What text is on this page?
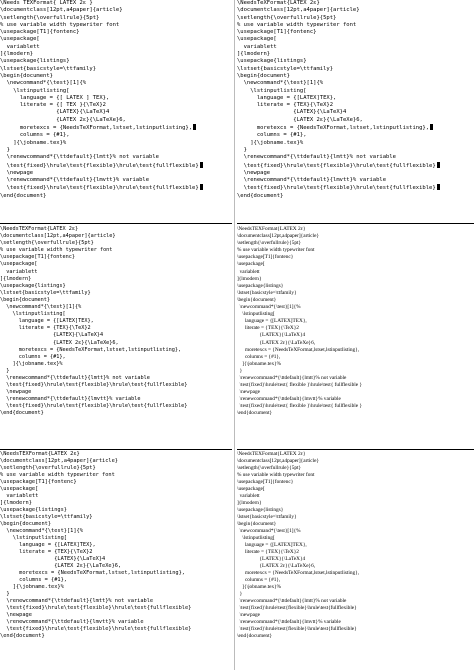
\Needs TEXFormat{ LATEX 2ε }
\documentclass[12pt,a4paper]{article}
\setlength{\overfullrule}{5pt}
% use variable width typewriter font
\usepackage[T1]{fontenc}
\usepackage[
variablett
]{lmodern}
\usepackage{listings}
\lstset{basicstyle=\ttfamily}
\begin{document}
\newcommand*{\test}[1]{%
\lstinputlisting[
language = {[ LATEX ] TEX},
literate = {[ TEX }{\TeX}2
{LATEX}{\LaTeX}4
{LATEX 2ε}{\LaTeXe}6,
moretexcs = {NeedsTeXFormat,lstset,lstinputlisting},
columns = {#1},
]{\jobname.tex}%
}
\renewcommand*{\ttdefault}{lmtt}% not variable
\test{fixed}\hrule\test{flexible}\hrule\test{fullflexible}
\newpage
\renewcommand*{\ttdefault}{lmvtt}% variable
\test{fixed}\hrule\test{flexible}\hrule\test{fullflexible}
\end{document}
\NeedsTeXFormat{LATEX 2ε}
\documentclass[12pt,a4paper]{article}
\setlength{\overfullrule}{5pt}
% use variable width typewriter font
\usepackage[T1]{fontenc}
\usepackage[
variablett
]{lmodern}
\usepackage{listings}
\lstset{basicstyle=\ttfamily}
\begin{document}
\newcommand*{\test}[1]{%
\lstinputlisting[
language = {[LATEX]TEX},
literate = {TEX}{\TeX}2
{LATEX}{\LaTeX}4
{LATEX 2ε}{\LaTeXe}6,
moretexcs = {NeedsTeXFormat,lstset,lstinputlisting},
columns = {#1},
]{\jobname.tex}%
}
\renewcommand*{\ttdefault}{lmtt}% not variable
\test{fixed}\hrule\test{flexible}\hrule\test{fullflexible}
\newpage
\renewcommand*{\ttdefault}{lmvtt}% variable
\test{fixed}\hrule\test{flexible}\hrule\test{fullflexible}
\end{document}
\NeedsTEXFormat{LATEX 2ε}
\documentclass[12pt,a4paper]{article}
\setlength{\overfullrule}{5pt}
% use variable width typewriter font
\usepackage[T1]{fontenc}
\usepackage[
variablett
]{lmodern}
\usepackage{listings}
\lstset{basicstyle=\ttfamily}
\begin{document}
\newcommand*{\test}[1]{%
\lstinputlisting[
language = {[LATEX]TEX},
literate = {TEX}{\TeX}2
{LATEX}{\LaTeX}4
{LATEX 2ε}{\LaTeXe}6,
moretexcs = {NeedsTeXFormat,lstset,lstinputlisting},
columns = {#1},
]{\jobname.tex}%
}
\renewcommand*{\ttdefault}{lmtt}% not variable
\test{fixed}\hrule\test{flexible}\hrule\test{fullflexible}
\newpage
\renewcommand*{\ttdefault}{lmvtt}% variable
\test{fixed}\hrule\test{flexible}\hrule\test{fullflexible}
\end{document}
\NeedsTEXFormat{LATEX 2ε}
\documentclass[12pt,a4paper]{article}
\setlength{\overfullrule}{5pt}
% use variable width typewriter font
\usepackage[T1]{fontenc}
\usepackage[
variablett
]{lmodern}
\usepackage{listings}
\lstset{basicstyle=\ttfamily}
\begin{document}
\newcommand*{\test}[1]{%
\lstinputlisting[
language = {[LATEX]TEX},
literate = {TEX}{\TeX}2
{LATEX}{\LaTeX}4
{LATEX 2ε}{\LaTeXe}6,
moretexcs = {NeedsTeXFormat,lstset,lstinputlisting},
columns = {#1},
]{\jobname.tex}%
}
\renewcommand*{\ttdefault}{lmtt}% not variable
\test{fixed}\hrule\test{ flexible }\hrule\test{ fullflexible }
\newpage
\renewcommand*{\ttdefault}{lmvtt}% variable
\test{fixed}\hrule\test{ flexible }\hrule\test{ fullflexible }
\end{document}
\NeedsTEXFormat{LATEX 2ε}
\documentclass[12pt,a4paper]{article}
\setlength{\overfullrule}{5pt}
% use variable width typewriter font
\usepackage[T1]{fontenc}
\usepackage[
variablett
]{lmodern}
\usepackage{listings}
\lstset{basicstyle=\ttfamily}
\begin{document}
\newcommand*{\test}[1]{%
\lstinputlisting[
language = {[LATEX]TEX},
literate = {TEX}{\TeX}2
{LATEX}{\LaTeX}4
{LATEX 2ε}{\LaTeXe}6,
moretexcs = {NeedsTeXFormat,lstset,lstinputlisting},
columns = {#1},
]{\jobname.tex}%
}
\renewcommand*{\ttdefault}{lmtt}% not variable
\test{fixed}\hrule\test{flexible}\hrule\test{fullflexible}
\newpage
\renewcommand*{\ttdefault}{lmvtt}% variable
\test{fixed}\hrule\test{flexible}\hrule\test{fullflexible}
\end{document}
\NeedsTEXFormat{LATEX 2ε}
\documentclass[12pt,a4paper]{article}
\setlength{\overfullrule}{5pt}
% use variable width typewriter font
\usepackage[T1]{fontenc}
\usepackage[
variablett
]{lmodern}
\usepackage{listings}
\lstset{basicstyle=\ttfamily}
\begin{document}
\newcommand*{\test}[1]{%
\lstinputlisting[
language = {[LATEX]TEX},
literate = {TEX}{\TeX}2
{LATEX}{\LaTeX}4
{LATEX 2ε}{\LaTeXe}6,
moretexcs = {NeedsTeXFormat,lstset,lstinputlisting},
columns = {#1},
]{\jobname.tex}%
}
\renewcommand*{\ttdefault}{lmtt}% not variable
\test{fixed}\hrule\test{flexible}\hrule\test{fullflexible}
\newpage
\renewcommand*{\ttdefault}{lmvtt}% variable
\test{fixed}\hrule\test{flexible}\hrule\test{fullflexible}
\end{document}
